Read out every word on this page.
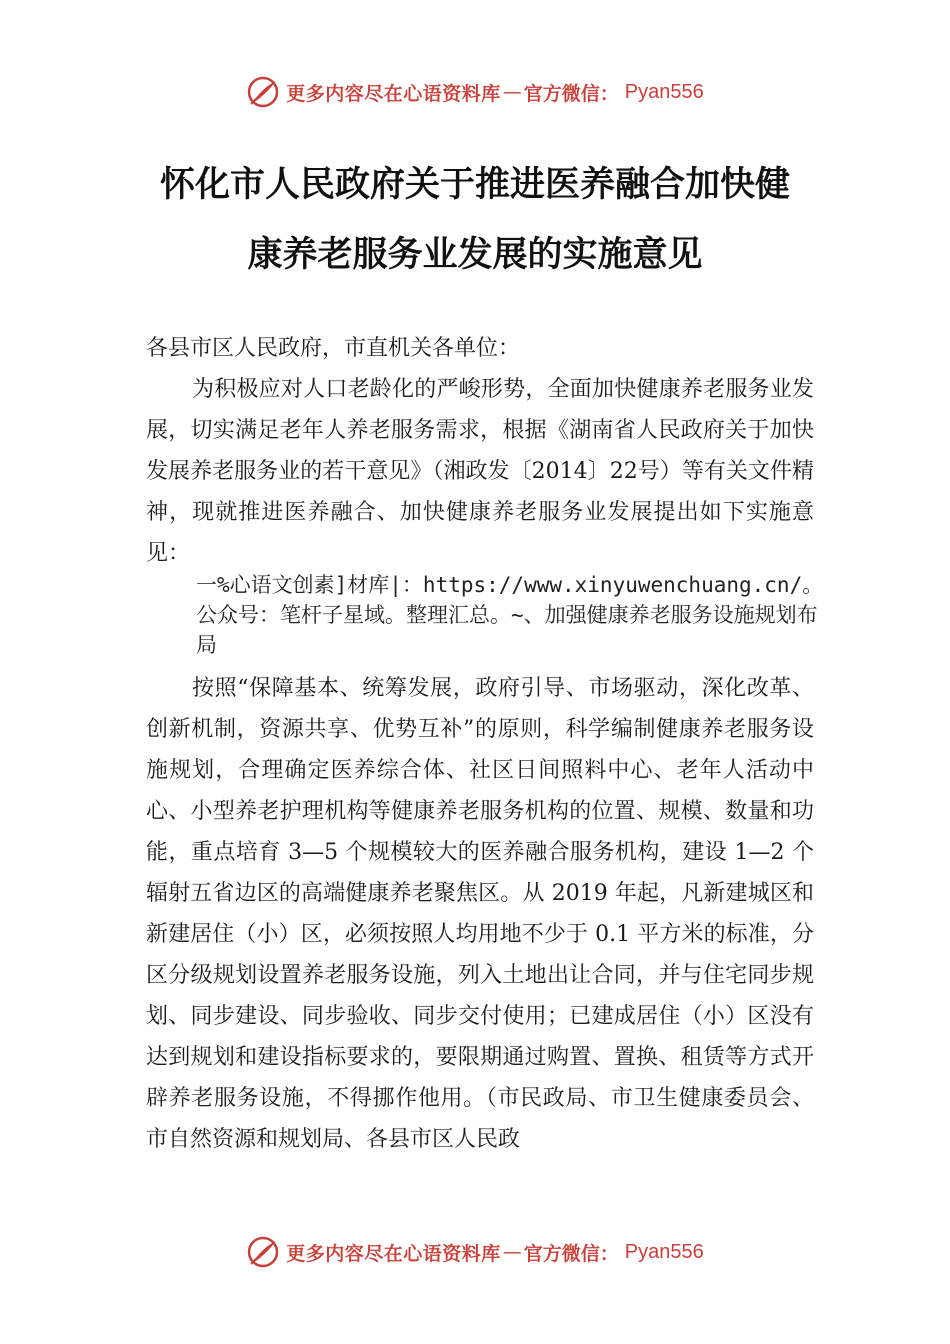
更多内容尽在心语资料库 — 官方微信： Pyan556
怀化市人民政府关于推进医养融合加快健
康养老服务业发展的实施意见
各县市区人民政府，市直机关各单位：
为积极应对人口老龄化的严峻形势，全面加快健康养老服务业发展，切实满足老年人养老服务需求，根据《湖南省人民政府关于加快发展养老服务业的若干意见》（湘政发〔2014〕22号）等有关文件精神，现就推进医养融合、加快健康养老服务业发展提出如下实施意见：
一%心语文创素]材库|：https://www.xinyuwenchuang.cn/。公众号：笔杆子星域。整理汇总。~、加强健康养老服务设施规划布局
按照“保障基本、统筹发展，政府引导、市场驱动，深化改革、创新机制，资源共享、优势互补”的原则，科学编制健康养老服务设施规划，合理确定医养综合体、社区日间照料中心、老年人活动中心、小型养老护理机构等健康养老服务机构的位置、规模、数量和功能，重点培育 3—5 个规模较大的医养融合服务机构，建设 1—2 个辐射五省边区的高端健康养老聚焦区。从 2019 年起，凡新建城区和新建居住（小）区，必须按照人均用地不少于 0.1 平方米的标准，分区分级规划设置养老服务设施，列入土地出让合同，并与住宅同步规划、同步建设、同步验收、同步交付使用；已建成居住（小）区没有达到规划和建设指标要求的，要限期通过购置、置换、租赁等方式开辟养老服务设施，不得挪作他用。（市民政局、市卫生健康委员会、市自然资源和规划局、各县市区人民政
更多内容尽在心语资料库 — 官方微信： Pyan556
